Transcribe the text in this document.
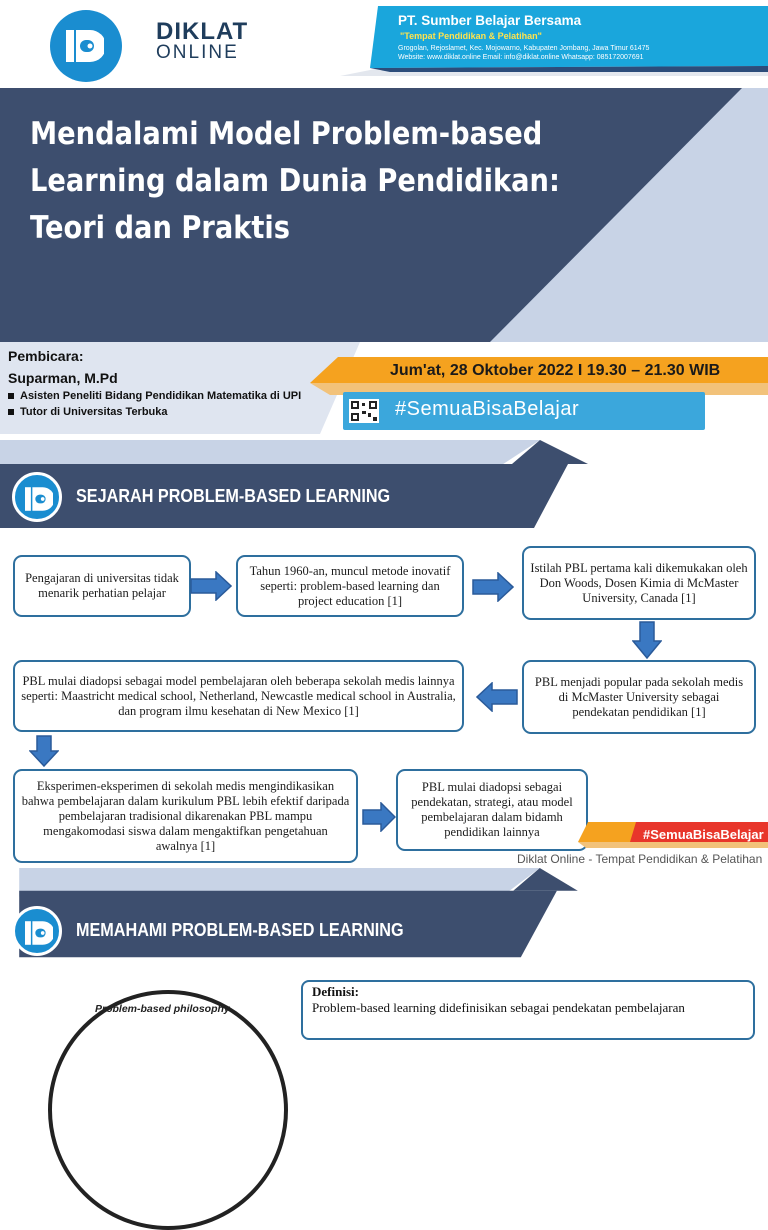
DIKLAT
ONLINE
PT. Sumber Belajar Bersama
"Tempat Pendidikan & Pelatihan"
Grogolan, Rejoslamet, Kec. Mojowarno, Kabupaten Jombang, Jawa Timur 61475
Website: www.diklat.online Email: info@diklat.online Whatsapp: 085172007691
Mendalami Model Problem-based
Learning dalam Dunia Pendidikan:
Teori dan Praktis
Pembicara:
Suparman, M.Pd
Asisten Peneliti Bidang Pendidikan Matematika di UPI
Tutor di Universitas Terbuka
Jum'at, 28 Oktober 2022 I 19.30 – 21.30 WIB
#SemuaBisaBelajar
SEJARAH PROBLEM-BASED LEARNING
Pengajaran di universitas tidak menarik perhatian pelajar
Tahun 1960-an, muncul metode inovatif seperti: problem-based learning dan project education [1]
Istilah PBL pertama kali dikemukakan oleh Don Woods, Dosen Kimia di McMaster University, Canada [1]
PBL menjadi popular pada sekolah medis di McMaster University sebagai pendekatan pendidikan [1]
PBL mulai diadopsi sebagai model pembelajaran oleh beberapa sekolah medis lainnya seperti: Maastricht medical school, Netherland, Newcastle medical school in Australia, dan program ilmu kesehatan di New Mexico [1]
Eksperimen-eksperimen di sekolah medis mengindikasikan bahwa pembelajaran dalam kurikulum PBL lebih efektif daripada pembelajaran tradisional dikarenakan PBL mampu mengakomodasi siswa dalam mengaktifkan pengetahuan awalnya [1]
PBL mulai diadopsi sebagai pendekatan, strategi, atau model pembelajaran dalam bidamh pendidikan lainnya	#SemuaBisaBelajar
Diklat Online - Tempat Pendidikan & Pelatihan
MEMAHAMI PROBLEM-BASED LEARNING
Problem-based philosophy
Definisi:
Problem-based learning didefinisikan sebagai pendekatan pembelajaran
